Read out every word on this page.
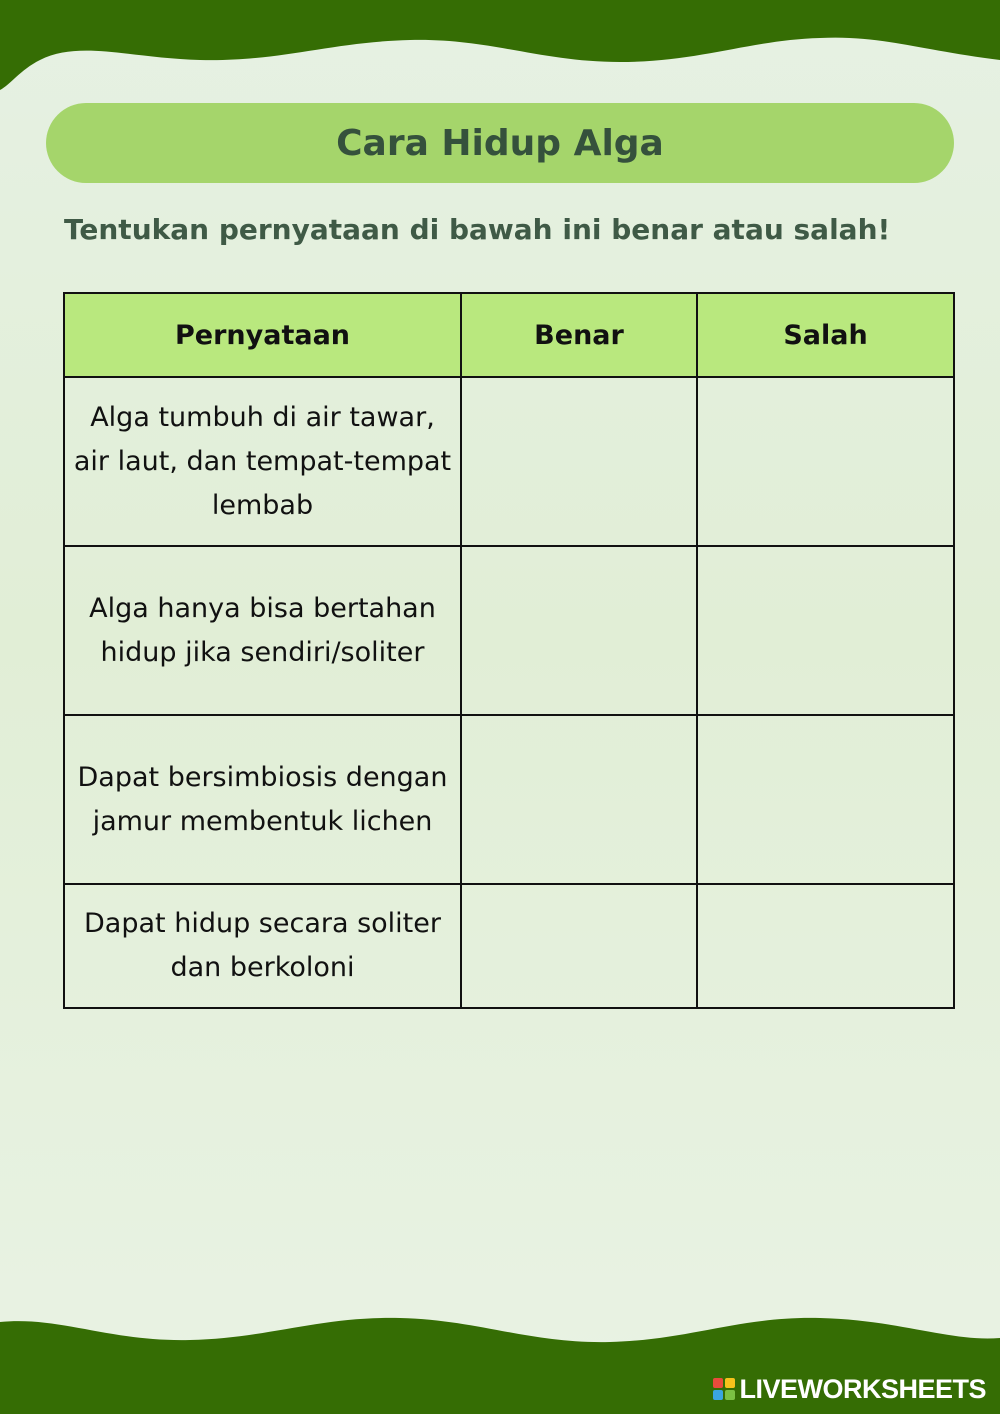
Cara Hidup Alga
Tentukan pernyataan di bawah ini benar atau salah!
Pernyataan	Benar	Salah
Alga tumbuh di air tawar, air laut, dan tempat-tempat lembab		
Alga hanya bisa bertahan hidup jika sendiri/soliter		
Dapat bersimbiosis dengan jamur membentuk lichen		
Dapat hidup secara soliter dan berkoloni		
LIVEWORKSHEETS
